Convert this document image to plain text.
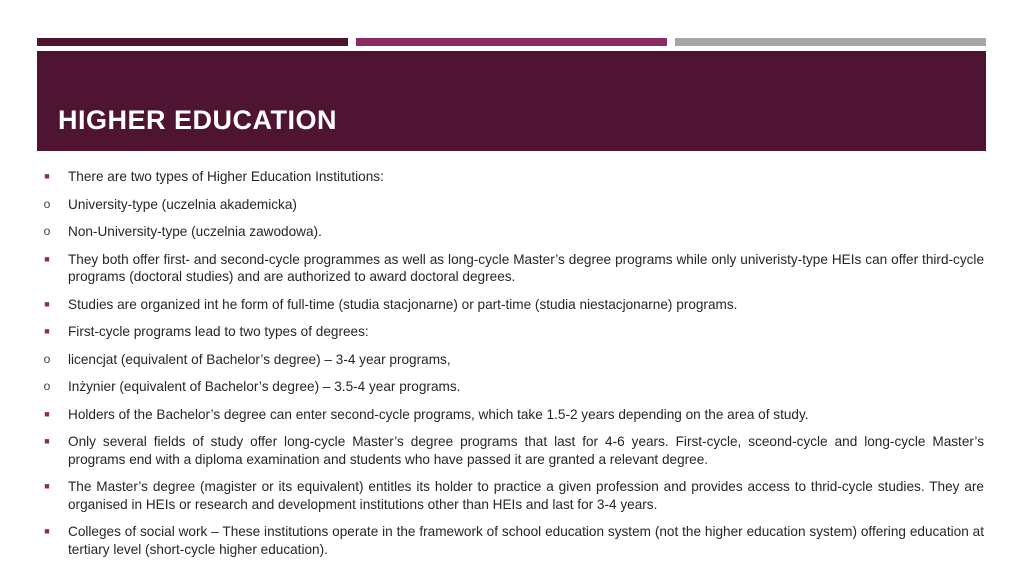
HIGHER EDUCATION
■	There are two types of Higher Education Institutions:
o University-type (uczelnia akademicka)
o Non-University-type (uczelnia zawodowa).
■	They both offer first- and second-cycle programmes as well as long-cycle Master’s degree programs while only univeristy-type HEIs can offer third-cycle programs (doctoral studies) and are authorized to award doctoral degrees.
■	Studies are organized int he form of full-time (studia stacjonarne) or part-time (studia niestacjonarne) programs.
■	First-cycle programs lead to two types of degrees:
o licencjat (equivalent of Bachelor’s degree) – 3-4 year programs,
o Inżynier (equivalent of Bachelor’s degree) – 3.5-4 year programs.
■	Holders of the Bachelor’s degree can enter second-cycle programs, which take 1.5-2 years depending on the area of study.
■	Only several fields of study offer long-cycle Master’s degree programs that last for 4-6 years. First-cycle, sceond-cycle and long-cycle Master’s programs end with a diploma examination and students who have passed it are granted a relevant degree.
■	The Master’s degree (magister or its equivalent) entitles its holder to practice a given profession and provides access to thrid-cycle studies. They are organised in HEIs or research and development institutions other than HEIs and last for 3-4 years.
■	Colleges of social work – These institutions operate in the framework of school education system (not the higher education system) offering education at tertiary level (short-cycle higher education).
